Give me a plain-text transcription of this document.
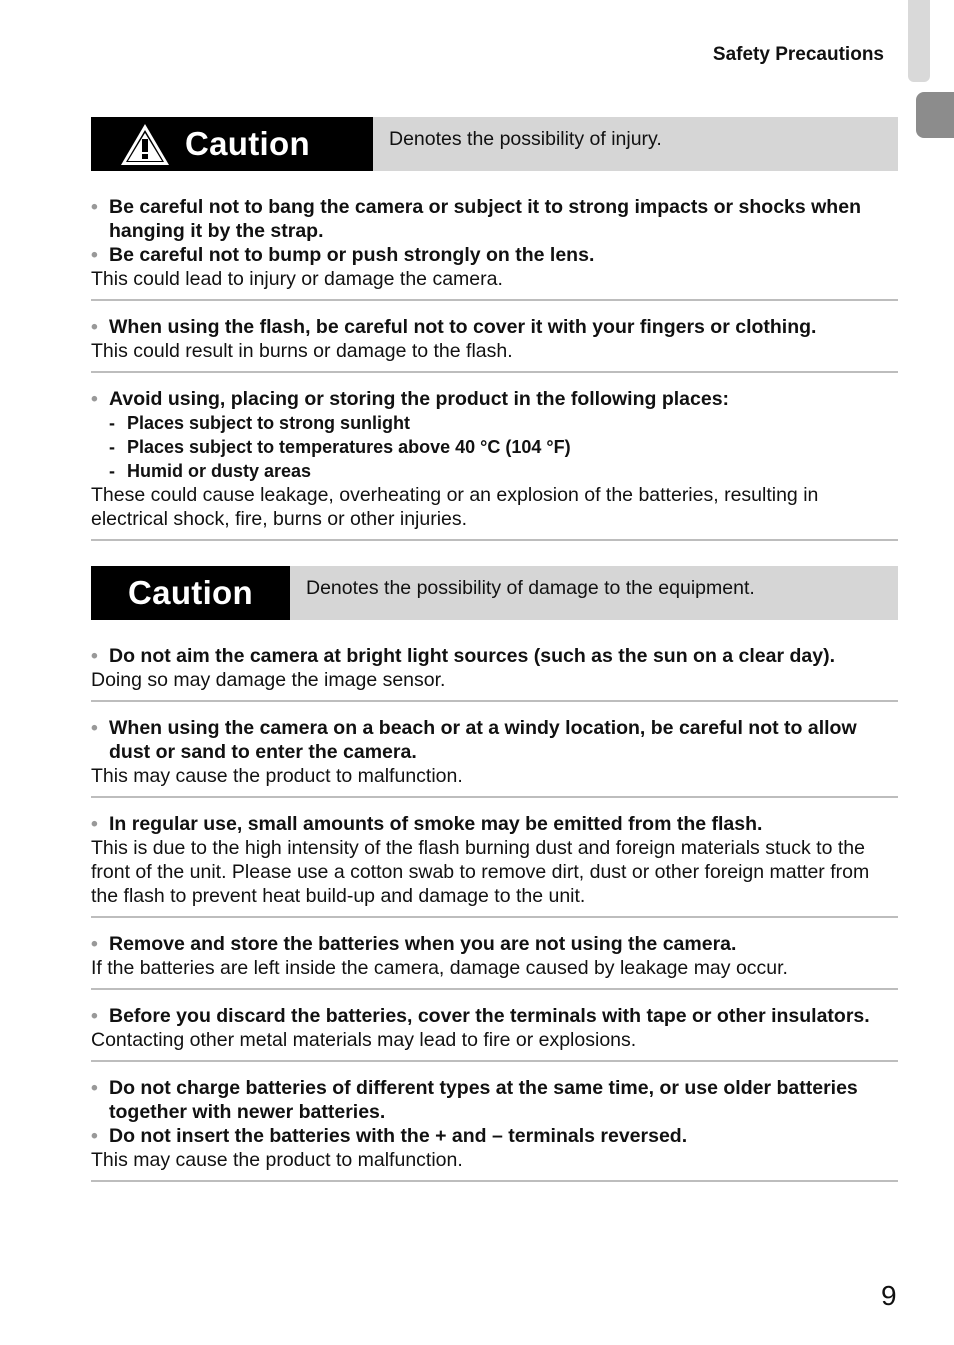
Safety Precautions
Caution	Denotes the possibility of injury.
• Be careful not to bang the camera or subject it to strong impacts or shocks when hanging it by the strap.
• Be careful not to bump or push strongly on the lens.
This could lead to injury or damage the camera.
• When using the flash, be careful not to cover it with your fingers or clothing.
This could result in burns or damage to the flash.
• Avoid using, placing or storing the product in the following places:
- Places subject to strong sunlight
- Places subject to temperatures above 40 °C (104 °F)
- Humid or dusty areas
These could cause leakage, overheating or an explosion of the batteries, resulting in electrical shock, fire, burns or other injuries.
Caution	Denotes the possibility of damage to the equipment.
• Do not aim the camera at bright light sources (such as the sun on a clear day).
Doing so may damage the image sensor.
• When using the camera on a beach or at a windy location, be careful not to allow dust or sand to enter the camera.
This may cause the product to malfunction.
• In regular use, small amounts of smoke may be emitted from the flash.
This is due to the high intensity of the flash burning dust and foreign materials stuck to the front of the unit. Please use a cotton swab to remove dirt, dust or other foreign matter from the flash to prevent heat build-up and damage to the unit.
• Remove and store the batteries when you are not using the camera.
If the batteries are left inside the camera, damage caused by leakage may occur.
• Before you discard the batteries, cover the terminals with tape or other insulators.
Contacting other metal materials may lead to fire or explosions.
• Do not charge batteries of different types at the same time, or use older batteries together with newer batteries.
• Do not insert the batteries with the + and – terminals reversed.
This may cause the product to malfunction.
9
